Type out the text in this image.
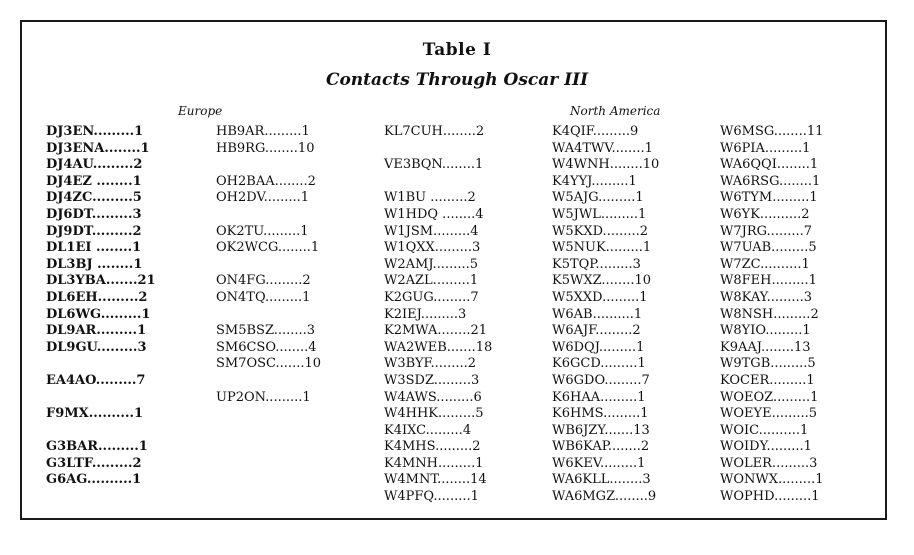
Table I
Contacts Through Oscar III
Europe	North America
DJ3EN.........1
DJ3ENA........1
DJ4AU.........2
DJ4EZ ........1
DJ4ZC.........5
DJ6DT.........3
DJ9DT.........2
DL1EI ........1
DL3BJ ........1
DL3YBA.......21
DL6EH.........2
DL6WG.........1
DL9AR.........1
DL9GU.........3
EA4AO.........7
F9MX..........1
G3BAR.........1
G3LTF.........2
G6AG..........1
HB9AR.........1
HB9RG........10
OH2BAA........2
OH2DV.........1
OK2TU.........1
OK2WCG........1
ON4FG.........2
ON4TQ.........1
SM5BSZ........3
SM6CSO........4
SM7OSC.......10
UP2ON.........1
KL7CUH........2
VE3BQN........1
W1BU .........2
W1HDQ ........4
W1JSM.........4
W1QXX.........3
W2AMJ.........5
W2AZL.........1
K2GUG.........7
K2IEJ.........3
K2MWA........21
WA2WEB.......18
W3BYF.........2
W3SDZ.........3
W4AWS.........6
W4HHK.........5
K4IXC.........4
K4MHS.........2
K4MNH.........1
W4MNT........14
W4PFQ.........1
K4QIF.........9
WA4TWV........1
W4WNH........10
K4YYJ.........1
W5AJG.........1
W5JWL.........1
W5KXD.........2
W5NUK.........1
K5TQP.........3
K5WXZ........10
W5XXD.........1
W6AB..........1
W6AJF.........2
W6DQJ.........1
K6GCD.........1
W6GDO.........7
K6HAA.........1
K6HMS.........1
WB6JZY.......13
WB6KAP........2
W6KEV.........1
WA6KLL........3
WA6MGZ........9
W6MSG........11
W6PIA.........1
WA6QQI........1
WA6RSG........1
W6TYM.........1
W6YK..........2
W7JRG.........7
W7UAB.........5
W7ZC..........1
W8FEH.........1
W8KAY.........3
W8NSH.........2
W8YIO.........1
K9AAJ........13
W9TGB.........5
KOCER.........1
WOEOZ.........1
WOEYE.........5
WOIC..........1
WOIDY.........1
WOLER.........3
WONWX.........1
WOPHD.........1
